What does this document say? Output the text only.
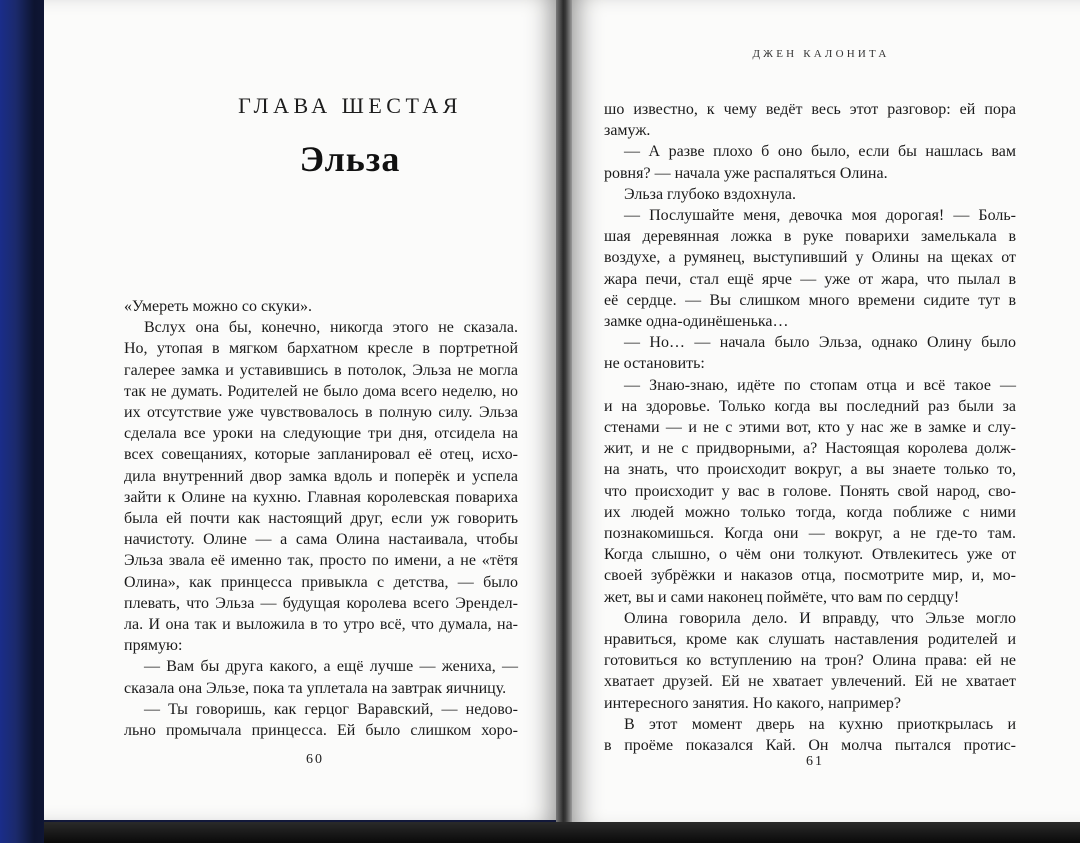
ДЖЕН КАЛОНИТА
ГЛАВА ШЕСТАЯ
Эльза

«Умереть можно со скуки».

Вслух она бы, конечно, никогда этого не сказала.

Но, утопая в мягком бархатном кресле в портретной

галерее замка и уставившись в потолок, Эльза не могла

так не думать. Родителей не было дома всего неделю, но

их отсутствие уже чувствовалось в полную силу. Эльза

сделала все уроки на следующие три дня, отсидела на

всех совещаниях, которые запланировал её отец, исхо-

дила внутренний двор замка вдоль и поперёк и успела

зайти к Олине на кухню. Главная королевская повариха

была ей почти как настоящий друг, если уж говорить

начистоту. Олине — а сама Олина настаивала, чтобы

Эльза звала её именно так, просто по имени, а не «тётя

Олина», как принцесса привыкла с детства, — было

плевать, что Эльза — будущая королева всего Эрендел-

ла. И она так и выложила в то утро всё, что думала, на-

прямую:

— Вам бы друга какого, а ещё лучше — жениха, —

сказала она Эльзе, пока та уплетала на завтрак яичницу.

— Ты говоришь, как герцог Варавский, — недово-

льно промычала принцесса. Ей было слишком хоро-

60

шо известно, к чему ведёт весь этот разговор: ей пора

замуж.

— А разве плохо б оно было, если бы нашлась вам

ровня? — начала уже распаляться Олина.

Эльза глубоко вздохнула.

— Послушайте меня, девочка моя дорогая! — Боль-

шая деревянная ложка в руке поварихи замелькала в

воздухе, а румянец, выступивший у Олины на щеках от

жара печи, стал ещё ярче — уже от жара, что пылал в

её сердце. — Вы слишком много времени сидите тут в

замке одна-одинёшенька…

— Но… — начала было Эльза, однако Олину было

не остановить:

— Знаю-знаю, идёте по стопам отца и всё такое —

и на здоровье. Только когда вы последний раз были за

стенами — и не с этими вот, кто у нас же в замке и слу-

жит, и не с придворными, а? Настоящая королева долж-

на знать, что происходит вокруг, а вы знаете только то,

что происходит у вас в голове. Понять свой народ, сво-

их людей можно только тогда, когда поближе с ними

познакомишься. Когда они — вокруг, а не где-то там.

Когда слышно, о чём они толкуют. Отвлекитесь уже от

своей зубрёжки и наказов отца, посмотрите мир, и, мо-

жет, вы и сами наконец поймёте, что вам по сердцу!

Олина говорила дело. И вправду, что Эльзе могло

нравиться, кроме как слушать наставления родителей и

готовиться ко вступлению на трон? Олина права: ей не

хватает друзей. Ей не хватает увлечений. Ей не хватает

интересного занятия. Но какого, например?

В этот момент дверь на кухню приоткрылась и

в проёме показался Кай. Он молча пытался протис-

61
